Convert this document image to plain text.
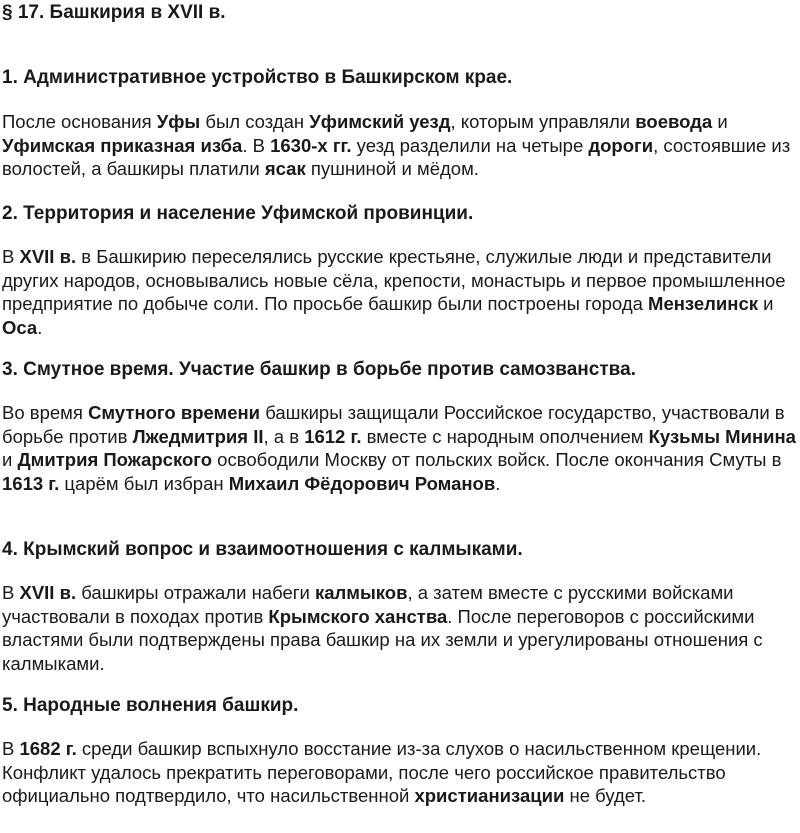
§ 17. Башкирия в XVII в.
1. Административное устройство в Башкирском крае.
После основания Уфы был создан Уфимский уезд, которым управляли воевода и Уфимская приказная изба. В 1630-х гг. уезд разделили на четыре дороги, состоявшие из волостей, а башкиры платили ясак пушниной и мёдом.
2. Территория и население Уфимской провинции.
В XVII в. в Башкирию переселялись русские крестьяне, служилые люди и представители других народов, основывались новые сёла, крепости, монастырь и первое промышленное предприятие по добыче соли. По просьбе башкир были построены города Мензелинск и Оса.
3. Смутное время. Участие башкир в борьбе против самозванства.
Во время Смутного времени башкиры защищали Российское государство, участвовали в борьбе против Лжедмитрия II, а в 1612 г. вместе с народным ополчением Кузьмы Минина и Дмитрия Пожарского освободили Москву от польских войск. После окончания Смуты в 1613 г. царём был избран Михаил Фёдорович Романов.
4. Крымский вопрос и взаимоотношения с калмыками.
В XVII в. башкиры отражали набеги калмыков, а затем вместе с русскими войсками участвовали в походах против Крымского ханства. После переговоров с российскими властями были подтверждены права башкир на их земли и урегулированы отношения с калмыками.
5. Народные волнения башкир.
В 1682 г. среди башкир вспыхнуло восстание из-за слухов о насильственном крещении. Конфликт удалось прекратить переговорами, после чего российское правительство официально подтвердило, что насильственной христианизации не будет.
